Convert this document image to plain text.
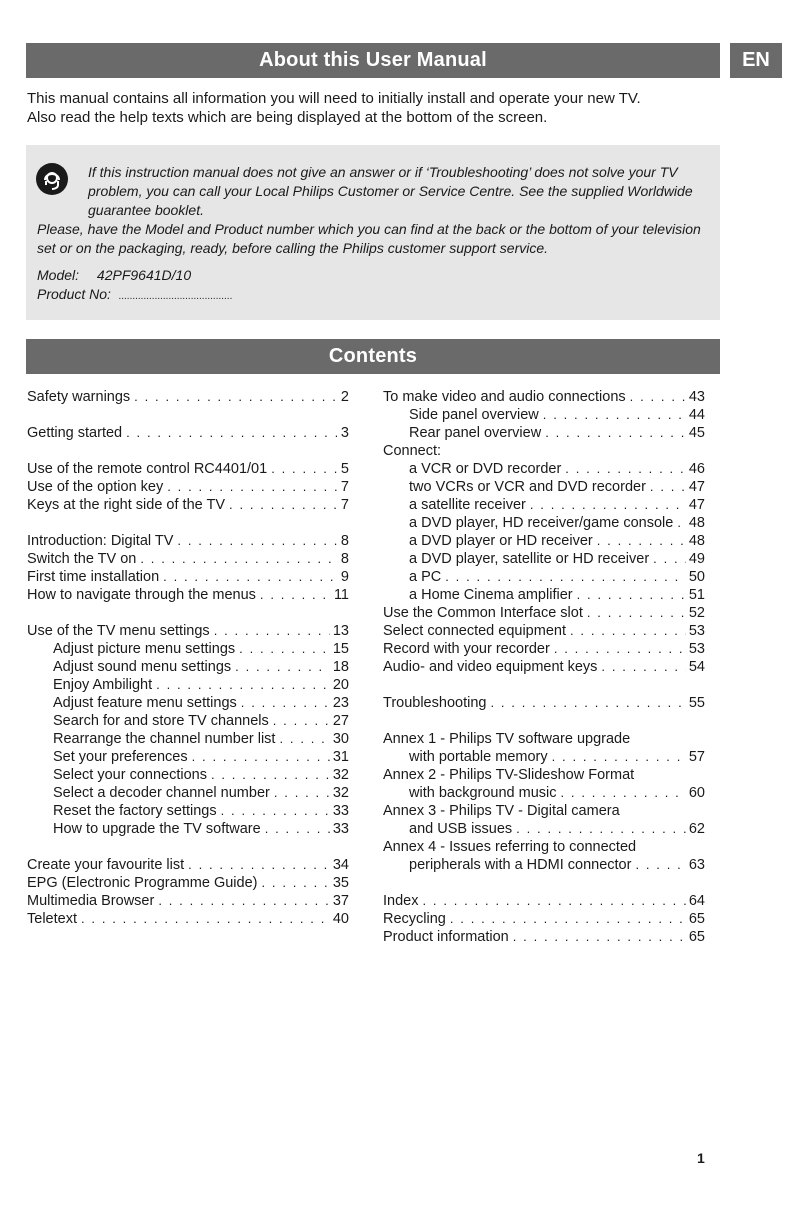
About this User Manual	EN

This manual contains all information you will need to initially install and operate your new TV.

Also read the help texts which are being displayed at the bottom of the screen.

If this instruction manual does not give an answer or if ‘Troubleshooting’ does not solve your TV

problem, you can call your Local Philips Customer or Service Centre. See the supplied Worldwide

guarantee booklet.

Please, have the Model and Product number which you can find at the back or the bottom of your television

set or on the packaging, ready, before calling the Philips customer support service.

Model: 42PF9641D/10

Product No: .........................................

Contents
Safety warnings . . .	2
Getting started . . .	3
Use of the remote control RC4401/01 . . .	5
Use of the option key . . .	7
Keys at the right side of the TV . . .	7
Introduction: Digital TV . . .	8
Switch the TV on . . .	8
First time installation . . .	9
How to navigate through the menus . . .	11
Use of the TV menu settings . . .	13
Adjust picture menu settings . . .	15
Adjust sound menu settings . . .	18
Enjoy Ambilight . . .	20
Adjust feature menu settings . . .	23
Search for and store TV channels . . .	27
Rearrange the channel number list . . .	30
Set your preferences . . .	31
Select your connections . . .	32
Select a decoder channel number . . .	32
Reset the factory settings . . .	33
How to upgrade the TV software . . .	33
Create your favourite list . . .	34
EPG (Electronic Programme Guide) . . .	35
Multimedia Browser . . .	37
Teletext . . .	40
To make video and audio connections . . .	43
Side panel overview . . .	44
Rear panel overview . . .	45
Connect:
a VCR or DVD recorder . . .	46
two VCRs or VCR and DVD recorder . . .	47
a satellite receiver . . .	47
a DVD player, HD receiver/game console . . . 48
a DVD player or HD receiver . . .	48
a DVD player, satellite or HD receiver . . .	49
a PC . . .	50
a Home Cinema amplifier . . .	51
Use the Common Interface slot . . .	52
Select connected equipment . . .	53
Record with your recorder . . .	53
Audio- and video equipment keys . . .	54
Troubleshooting . . .	55
Annex 1 - Philips TV software upgrade
with portable memory . . .	57
Annex 2 - Philips TV-Slideshow Format
with background music . . .	60
Annex 3 - Philips TV - Digital camera
and USB issues . . .	62
Annex 4 - Issues referring to connected
peripherals with a HDMI connector . . .	63
Index . . .	64
Recycling . . .	65
Product information . . .	65
1
